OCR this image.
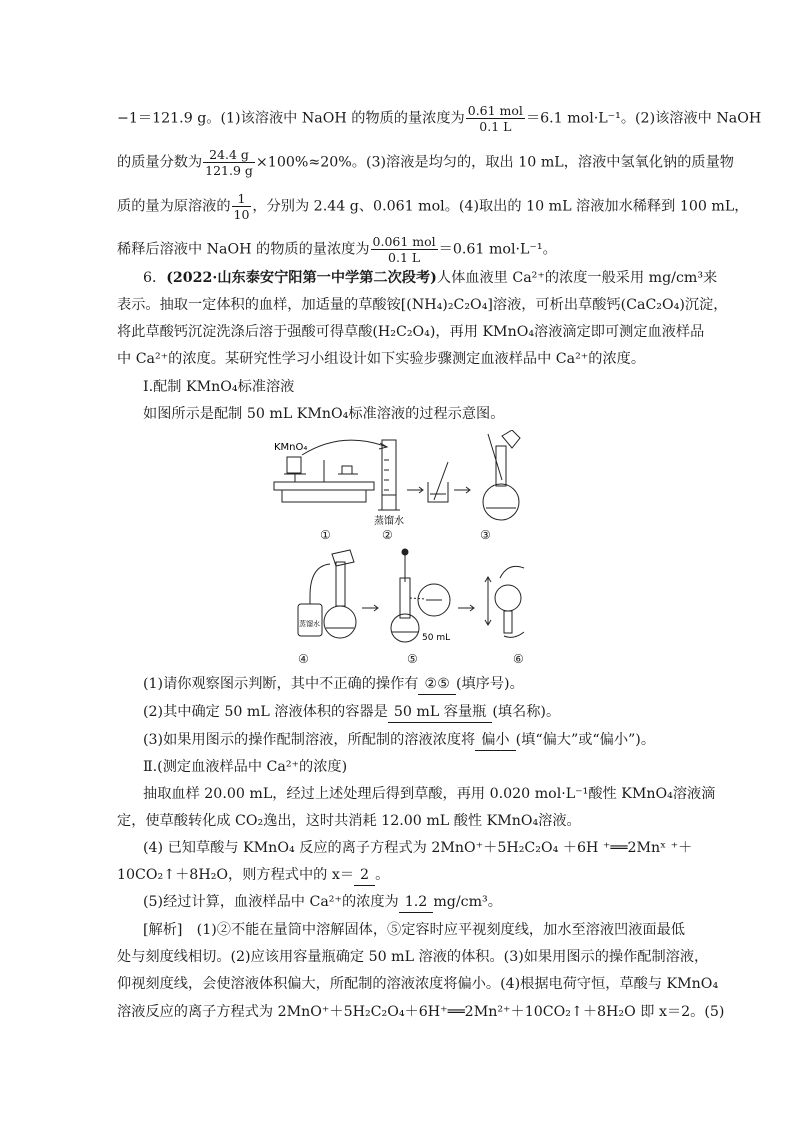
−1＝121.9 g。(1)该溶液中 NaOH 的物质的量浓度为 $\frac{\text{0.61 mol}}{0.1 L} =6.1$ mol·L⁻¹。(2)该溶液中 NaOH
的质量分数为 $\frac{24.4 g}{121.9 g} \times 100\%\approx 20\%$。(3)溶液是均匀的，取出 10 mL，溶液中氢氧化钠的质量物
质的量为原溶液的 $\frac{1}{10}$ ，分别为 2.44 g、0.061 mol。(4)取出的 10 mL 溶液加水稀释到 100 mL，
稀释后溶液中 NaOH 的物质的量浓度为 $\frac{\text{0.061 mol}}{0.1 L} =0.61$ mol·L⁻¹。
6．(2022·山东泰安宁阳第一中学第二次段考)人体血液里 Ca²⁺的浓度一般采用 mg/cm³来
表示。抽取一定体积的血样，加适量的草酸铵[(NH₄)₂C₂O₄]溶液，可析出草酸钙(CaC₂O₄)沉淀，
将此草酸钙沉淀洗涤后溶于强酸可得草酸(H₂C₂O₄)，再用 KMnO₄溶液滴定即可测定血液样品
中 Ca²⁺的浓度。某研究性学习小组设计如下实验步骤测定血液样品中 Ca²⁺的浓度。
Ⅰ.配制 KMnO₄标准溶液
如图所示是配制 50 mL KMnO₄标准溶液的过程示意图。
KMnO₄
蒸馏水
①	②	③
蒸馏水
50 mL
④	⑤	⑥
(1)请你观察图示判断，其中不正确的操作有 ②⑤ (填序号)。
(2)其中确定 50 mL 溶液体积的容器是 50 mL 容量瓶 (填名称)。
(3)如果用图示的操作配制溶液，所配制的溶液浓度将 偏小 (填“偏大”或“偏小”)。
Ⅱ.(测定血液样品中 Ca²⁺的浓度)
抽取血样 20.00 mL，经过上述处理后得到草酸，再用 0.020 mol·L⁻¹酸性 KMnO₄溶液滴
定，使草酸转化成 CO₂逸出，这时共消耗 12.00 mL 酸性 KMnO₄溶液。
(4) 已知草酸与 KMnO₄ 反应的离子方程式为 2MnO⁺＋5H₂C₂O₄ ＋6H ⁺══2Mnˣ ⁺＋
10CO₂↑＋8H₂O，则方程式中的 x＝ 2 。
(5)经过计算，血液样品中 Ca²⁺的浓度为 1.2 mg/cm³。
[解析]　 (1)②不能在量筒中溶解固体，⑤定容时应平视刻度线，加水至溶液凹液面最低
处与刻度线相切。(2)应该用容量瓶确定 50 mL 溶液的体积。(3)如果用图示的操作配制溶液，
仰视刻度线，会使溶液体积偏大，所配制的溶液浓度将偏小。(4)根据电荷守恒，草酸与 KMnO₄
溶液反应的离子方程式为 2MnO⁺＋5H₂C₂O₄＋6H⁺══2Mn²⁺＋10CO₂↑＋8H₂O 即 x＝2。(5)
